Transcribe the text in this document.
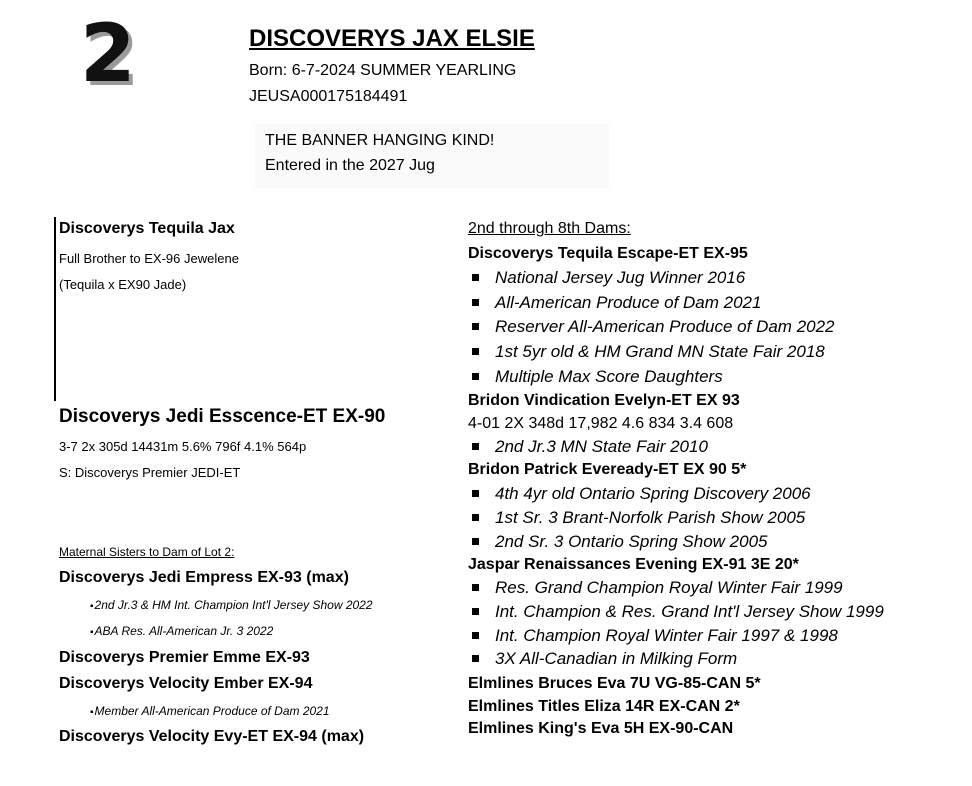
2	DISCOVERYS JAX ELSIE
Born: 6-7-2024 SUMMER YEARLING
JEUSA000175184491
THE BANNER HANGING KIND!
Entered in the 2027 Jug
Discoverys Tequila Jax
Full Brother to EX-96 Jewelene
(Tequila x EX90 Jade)
Discoverys Jedi Esscence-ET EX-90
3-7 2x 305d 14431m 5.6% 796f 4.1% 564p
S: Discoverys Premier JEDI-ET
Maternal Sisters to Dam of Lot 2:
Discoverys Jedi Empress EX-93 (max)
▪ 2nd Jr.3 & HM Int. Champion Int'l Jersey Show 2022
▪ ABA Res. All-American Jr. 3 2022
Discoverys Premier Emme EX-93
Discoverys Velocity Ember EX-94
▪ Member All-American Produce of Dam 2021
Discoverys Velocity Evy-ET EX-94 (max)
2nd through 8th Dams:
Discoverys Tequila Escape-ET EX-95
National Jersey Jug Winner 2016
All-American Produce of Dam 2021
Reserver All-American Produce of Dam 2022
1st 5yr old & HM Grand MN State Fair 2018
Multiple Max Score Daughters
Bridon Vindication Evelyn-ET EX 93
4-01 2X 348d 17,982 4.6 834 3.4 608
2nd Jr.3 MN State Fair 2010
Bridon Patrick Eveready-ET EX 90 5*
4th 4yr old Ontario Spring Discovery 2006
1st Sr. 3 Brant-Norfolk Parish Show 2005
2nd Sr. 3 Ontario Spring Show 2005
Jaspar Renaissances Evening EX-91 3E 20*
Res. Grand Champion Royal Winter Fair 1999
Int. Champion & Res. Grand Int'l Jersey Show 1999
Int. Champion Royal Winter Fair 1997 & 1998
3X All-Canadian in Milking Form
Elmlines Bruces Eva 7U VG-85-CAN 5*
Elmlines Titles Eliza 14R EX-CAN 2*
Elmlines King's Eva 5H EX-90-CAN
